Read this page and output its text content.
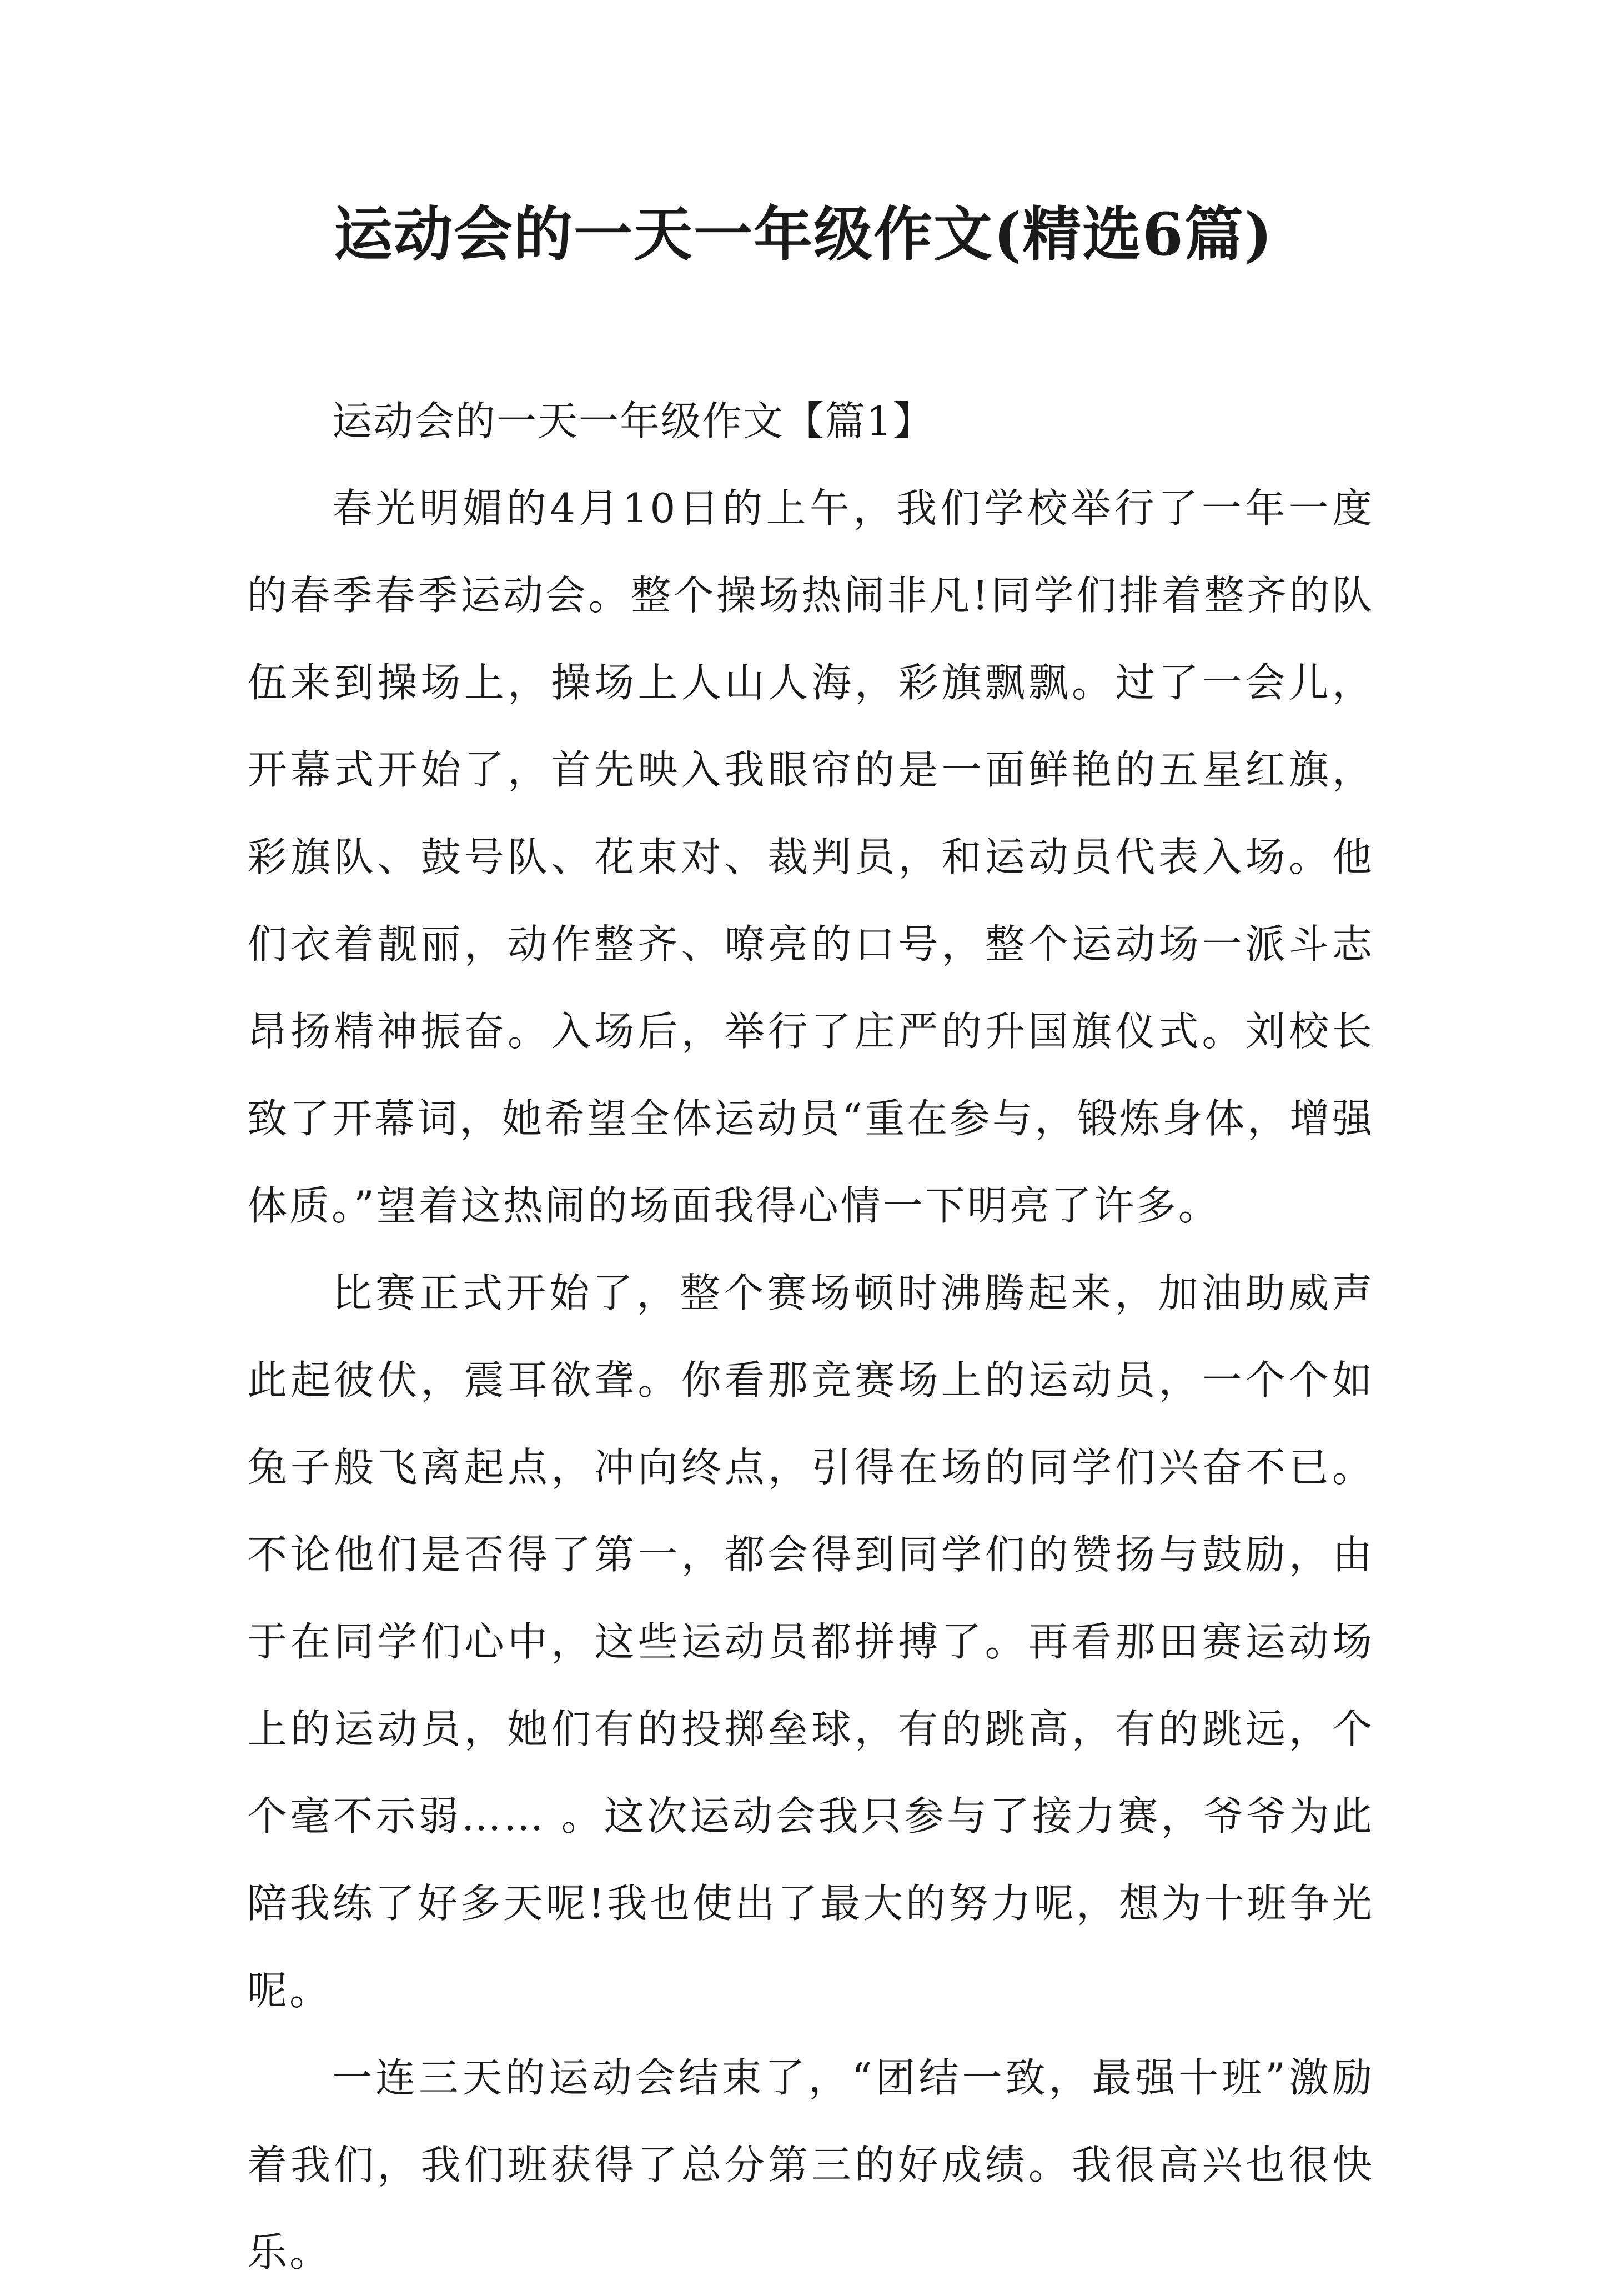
运动会的一天一年级作文(精选6篇)

运动会的一天一年级作文【篇1】

春光明媚的4月10日的上午，我们学校举行了一年一度的春季春季运动会。整个操场热闹非凡!同学们排着整齐的队伍来到操场上，操场上人山人海，彩旗飘飘。过了一会儿，开幕式开始了，首先映入我眼帘的是一面鲜艳的五星红旗，彩旗队、鼓号队、花束对、裁判员，和运动员代表入场。他们衣着靓丽，动作整齐、嘹亮的口号，整个运动场一派斗志昂扬精神振奋。入场后，举行了庄严的升国旗仪式。刘校长致了开幕词，她希望全体运动员“重在参与，锻炼身体，增强体质。”望着这热闹的场面我得心情一下明亮了许多。

比赛正式开始了，整个赛场顿时沸腾起来，加油助威声此起彼伏，震耳欲聋。你看那竞赛场上的运动员，一个个如兔子般飞离起点，冲向终点，引得在场的同学们兴奋不已。不论他们是否得了第一，都会得到同学们的赞扬与鼓励，由于在同学们心中，这些运动员都拼搏了。再看那田赛运动场上的运动员，她们有的投掷垒球，有的跳高，有的跳远，个个毫不示弱…… 。这次运动会我只参与了接力赛，爷爷为此陪我练了好多天呢!我也使出了最大的努力呢，想为十班争光呢。

一连三天的运动会结束了，“团结一致，最强十班”激励着我们，我们班获得了总分第三的好成绩。我很高兴也很快乐。
